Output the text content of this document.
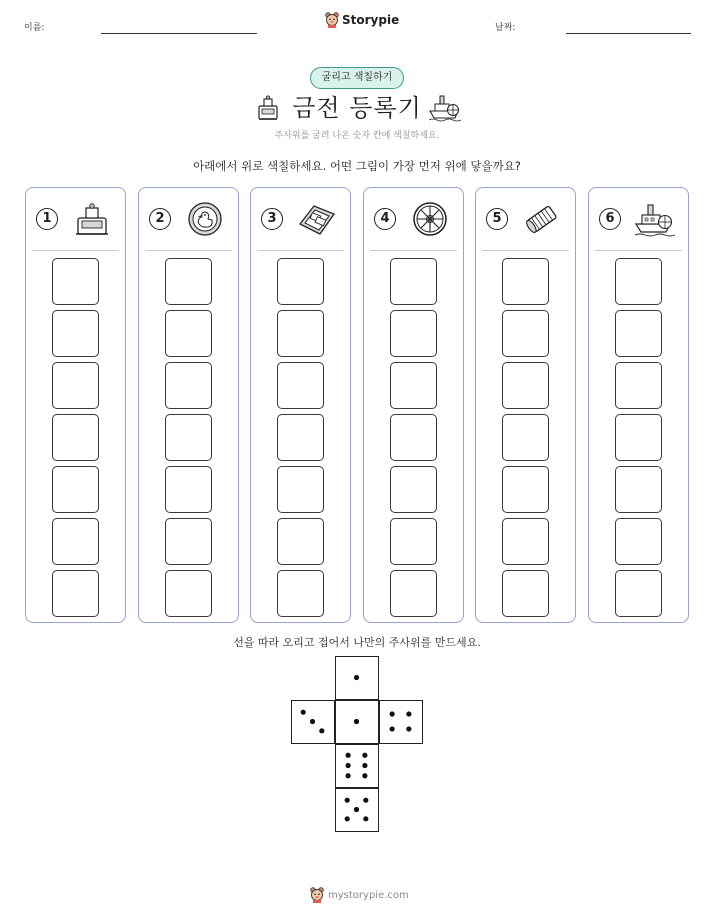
이름:
Storypie
날짜:
굴리고 색칠하기
금전 등록기
주사위를 굴려 나온 숫자 칸에 색칠하세요.
아래에서 위로 색칠하세요. 어떤 그림이 가장 먼저 위에 닿을까요?
1	2	3	4	5	6
선을 따라 오리고 접어서 나만의 주사위를 만드세요.
mystorypie.com
